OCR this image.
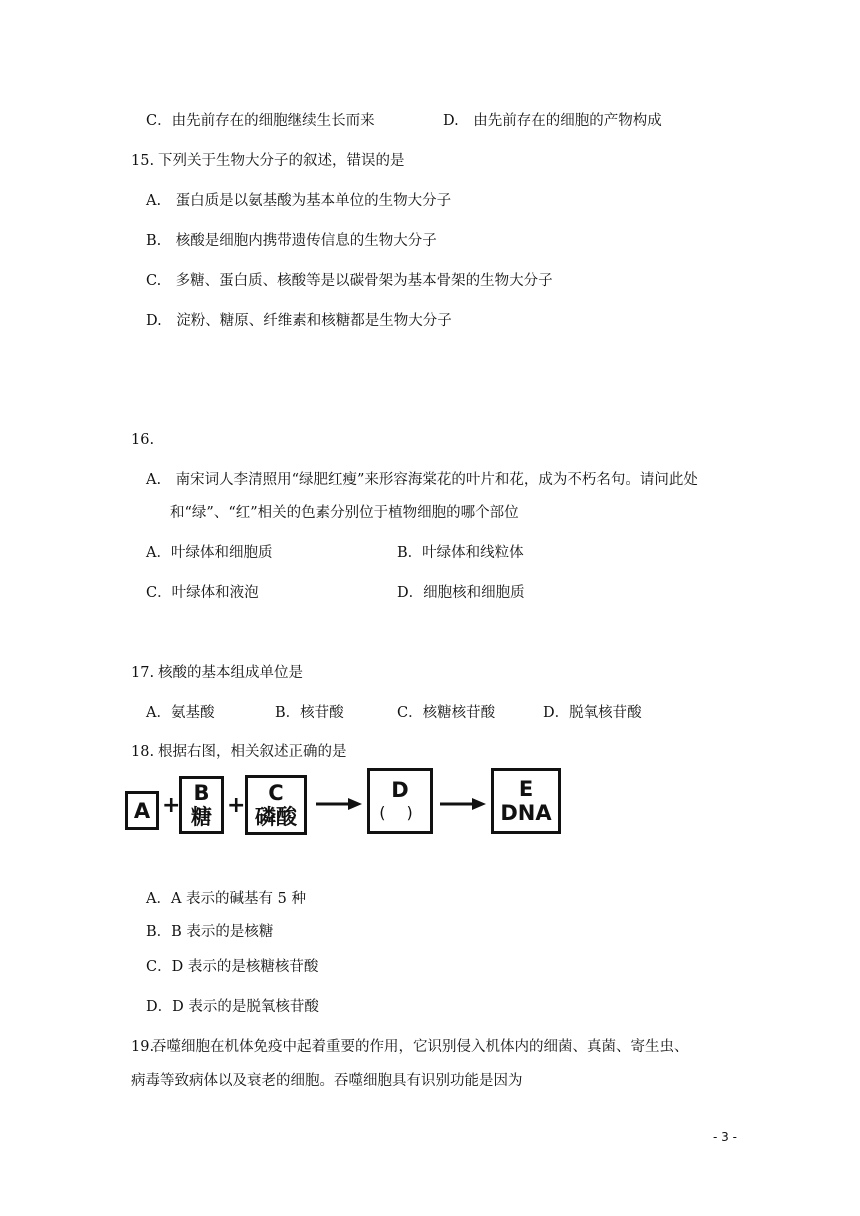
C．由先前存在的细胞继续生长而来	D.　由先前存在的细胞的产物构成
15. 下列关于生物大分子的叙述，错误的是
A.　蛋白质是以氨基酸为基本单位的生物大分子
B.　核酸是细胞内携带遗传信息的生物大分子
C.　多糖、蛋白质、核酸等是以碳骨架为基本骨架的生物大分子
D.　淀粉、糖原、纤维素和核糖都是生物大分子
16.
A.　南宋词人李清照用“绿肥红瘦”来形容海棠花的叶片和花，成为不朽名句。请问此处
和“绿”、“红”相关的色素分别位于植物细胞的哪个部位
A．叶绿体和细胞质	B．叶绿体和线粒体
C．叶绿体和液泡	D．细胞核和细胞质
17. 核酸的基本组成单位是
A．氨基酸	B．核苷酸	C．核糖核苷酸	D．脱氧核苷酸
18. 根据右图，相关叙述正确的是
A + B
糖 + C
磷酸
D
( )
E
DNA
A．A 表示的碱基有 5 种
B．B 表示的是核糖
C．D 表示的是核糖核苷酸
D．D 表示的是脱氧核苷酸
19.
吞噬细胞在机体免疫中起着重要的作用，它识别侵入机体内的细菌、真菌、寄生虫、
病毒等致病体以及衰老的细胞。吞噬细胞具有识别功能是因为
- 3 -
